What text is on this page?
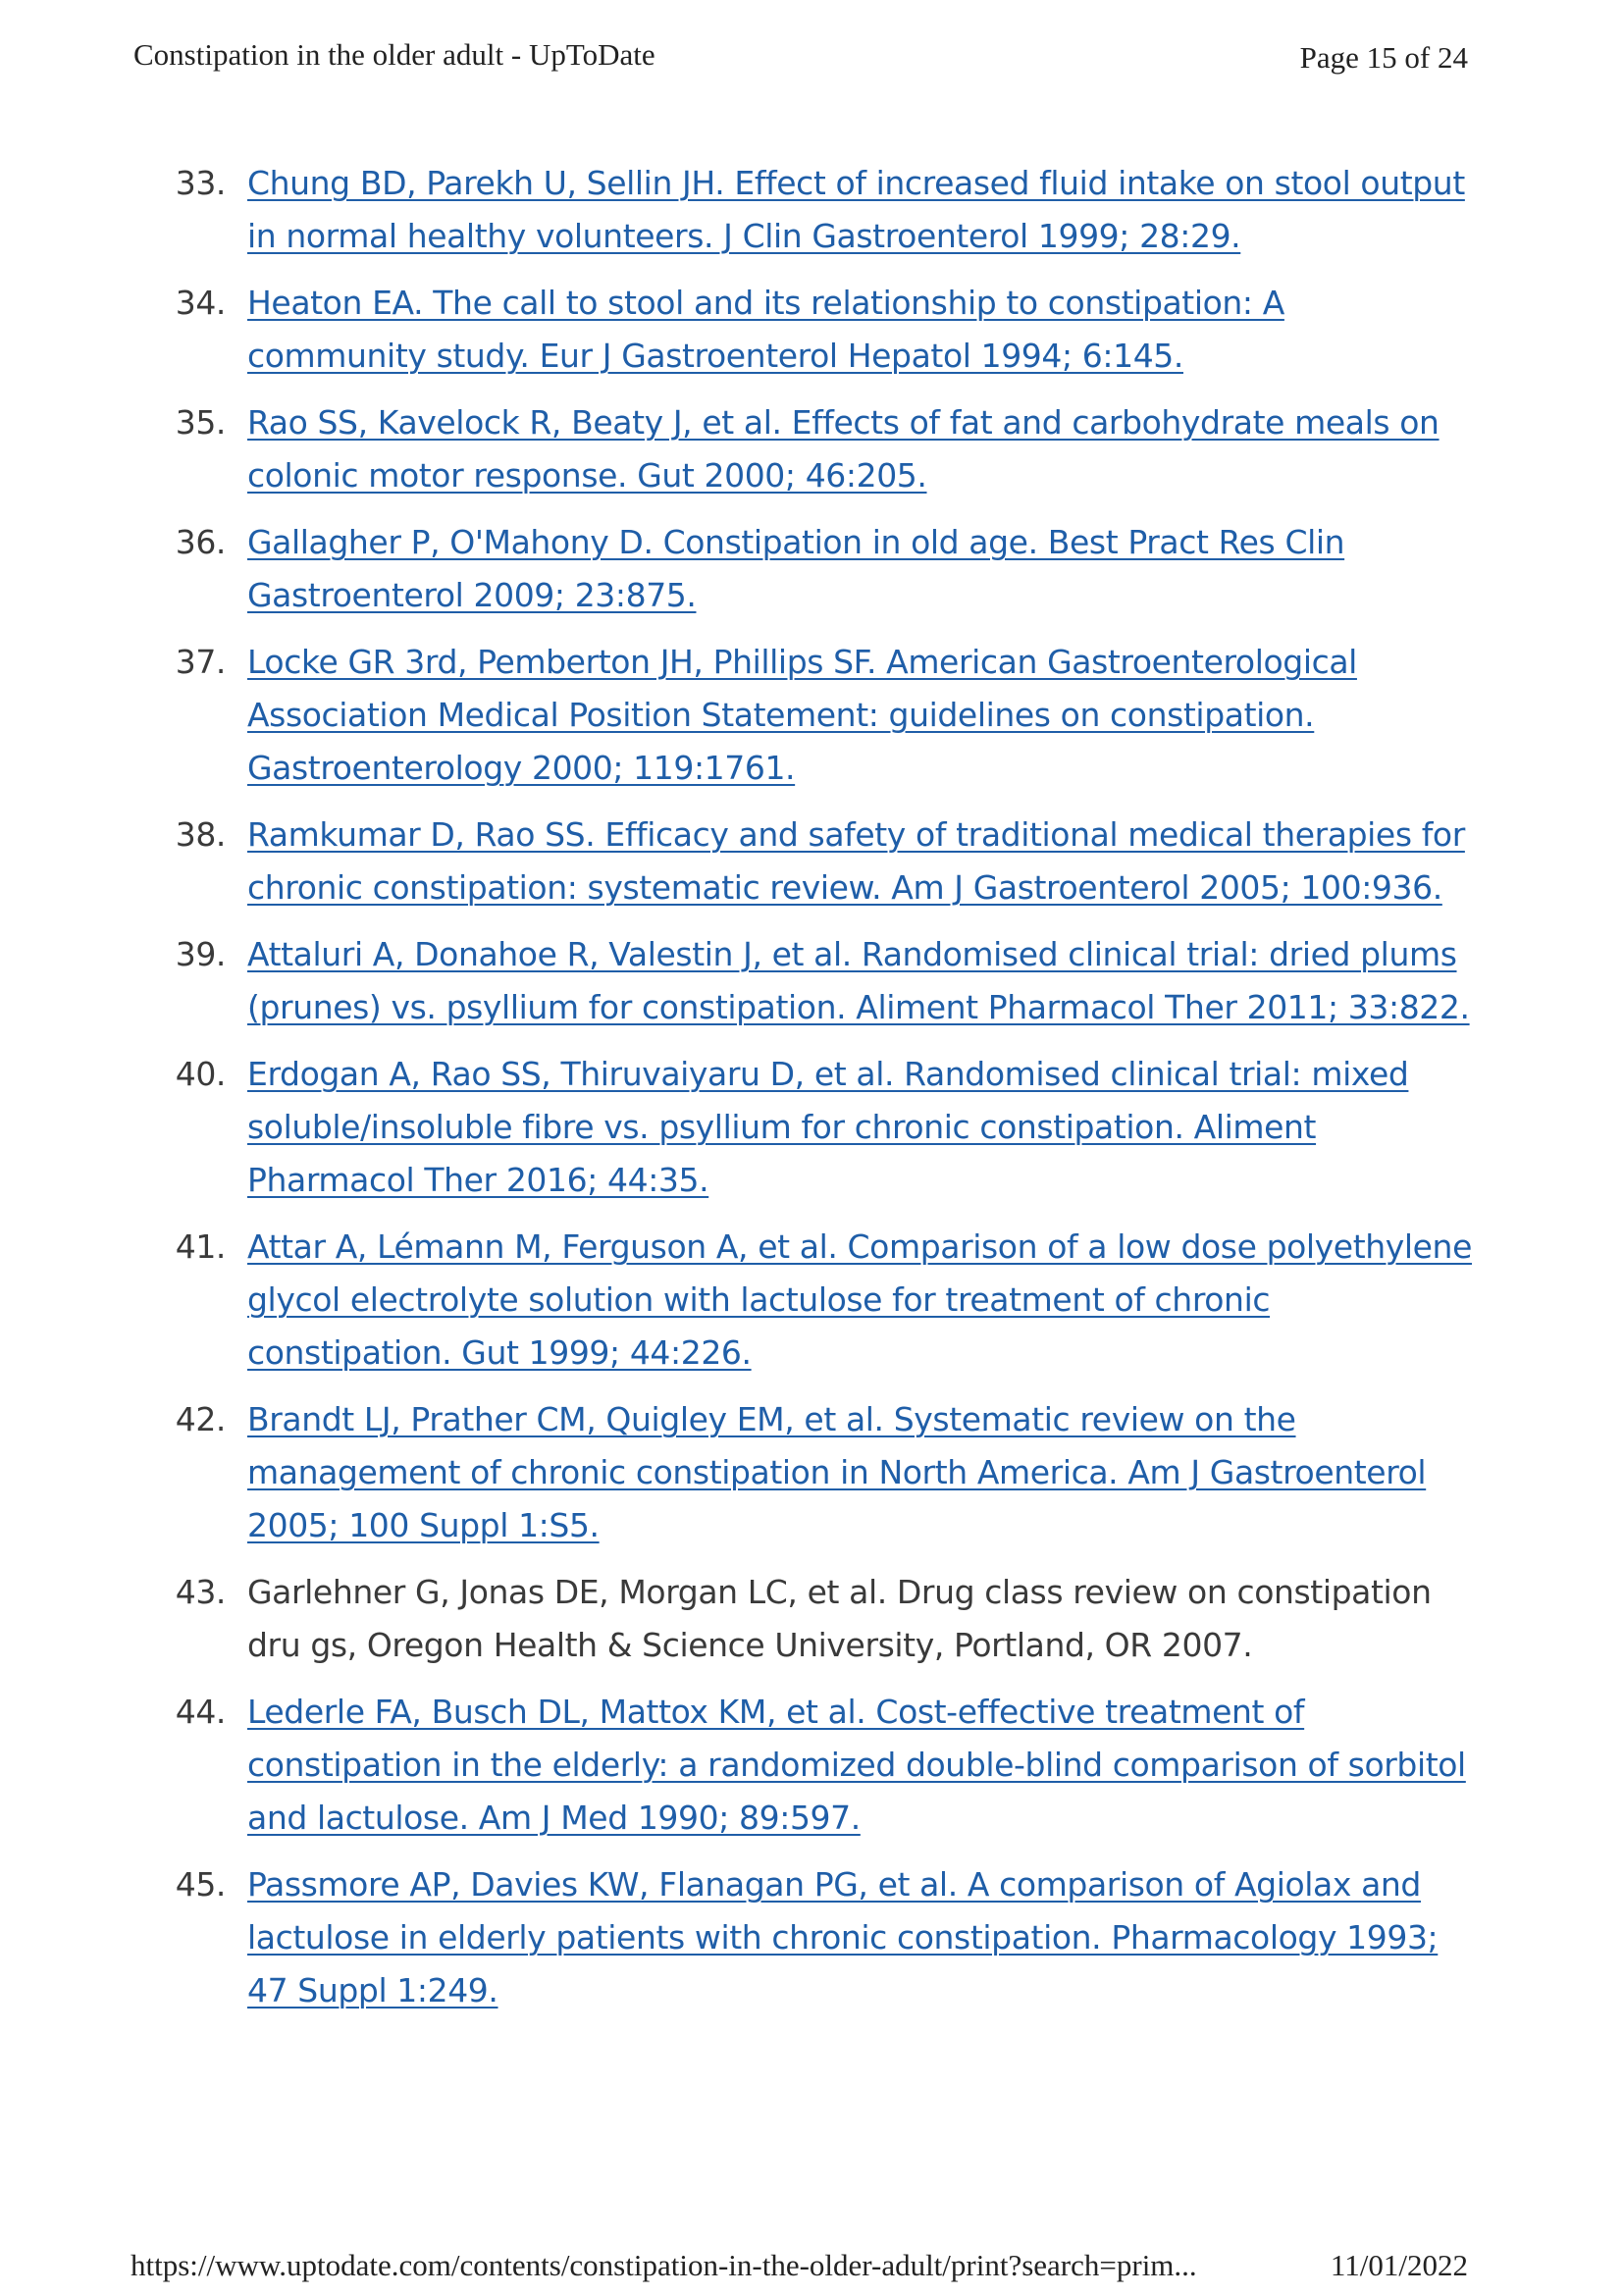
Constipation in the older adult - UpToDate	Page 15 of 24
33. Chung BD, Parekh U, Sellin JH. Effect of increased fluid intake on stool output in normal healthy volunteers. J Clin Gastroenterol 1999; 28:29.
34. Heaton EA. The call to stool and its relationship to constipation: A community study. Eur J Gastroenterol Hepatol 1994; 6:145.
35. Rao SS, Kavelock R, Beaty J, et al. Effects of fat and carbohydrate meals on colonic motor response. Gut 2000; 46:205.
36. Gallagher P, O'Mahony D. Constipation in old age. Best Pract Res Clin Gastroenterol 2009; 23:875.
37. Locke GR 3rd, Pemberton JH, Phillips SF. American Gastroenterological Association Medical Position Statement: guidelines on constipation. Gastroenterology 2000; 119:1761.
38. Ramkumar D, Rao SS. Efficacy and safety of traditional medical therapies for chronic constipation: systematic review. Am J Gastroenterol 2005; 100:936.
39. Attaluri A, Donahoe R, Valestin J, et al. Randomised clinical trial: dried plums (prunes) vs. psyllium for constipation. Aliment Pharmacol Ther 2011; 33:822.
40. Erdogan A, Rao SS, Thiruvaiyaru D, et al. Randomised clinical trial: mixed soluble/insoluble fibre vs. psyllium for chronic constipation. Aliment Pharmacol Ther 2016; 44:35.
41. Attar A, Lémann M, Ferguson A, et al. Comparison of a low dose polyethylene glycol electrolyte solution with lactulose for treatment of chronic constipation. Gut 1999; 44:226.
42. Brandt LJ, Prather CM, Quigley EM, et al. Systematic review on the management of chronic constipation in North America. Am J Gastroenterol 2005; 100 Suppl 1:S5.
43. Garlehner G, Jonas DE, Morgan LC, et al. Drug class review on constipation dru gs, Oregon Health & Science University, Portland, OR 2007.
44. Lederle FA, Busch DL, Mattox KM, et al. Cost-effective treatment of constipation in the elderly: a randomized double-blind comparison of sorbitol and lactulose. Am J Med 1990; 89:597.
45. Passmore AP, Davies KW, Flanagan PG, et al. A comparison of Agiolax and lactulose in elderly patients with chronic constipation. Pharmacology 1993; 47 Suppl 1:249.
https://www.uptodate.com/contents/constipation-in-the-older-adult/print?search=prim...	11/01/2022
